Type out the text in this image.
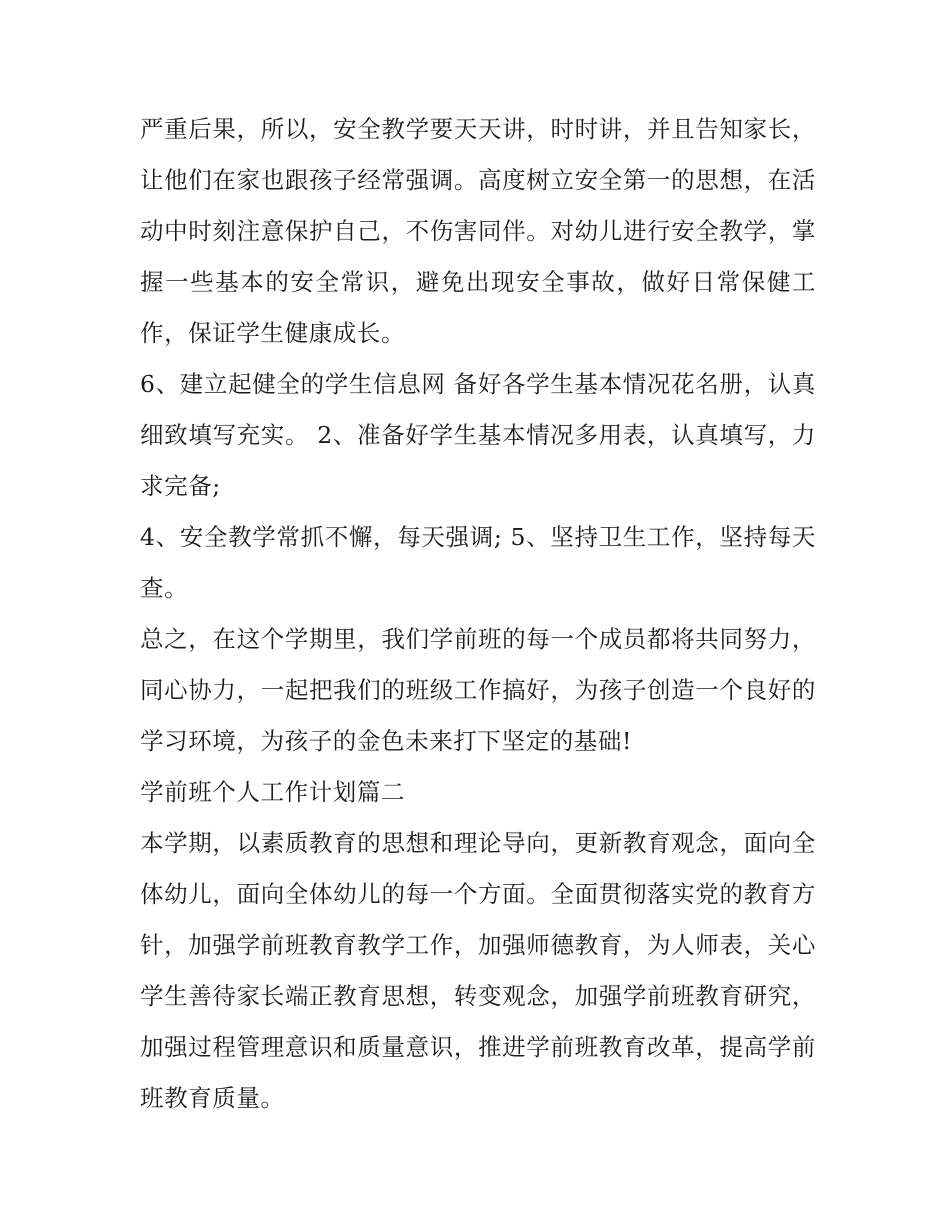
严重后果，所以，安全教学要天天讲，时时讲，并且告知家长，让他们在家也跟孩子经常强调。高度树立安全第一的思想，在活动中时刻注意保护自己，不伤害同伴。对幼儿进行安全教学，掌握一些基本的安全常识，避免出现安全事故，做好日常保健工作，保证学生健康成长。

6、建立起健全的学生信息网 备好各学生基本情况花名册，认真细致填写充实。 2、准备好学生基本情况多用表，认真填写，力求完备;

4、安全教学常抓不懈，每天强调; 5、坚持卫生工作，坚持每天查。

总之，在这个学期里，我们学前班的每一个成员都将共同努力，同心协力，一起把我们的班级工作搞好，为孩子创造一个良好的学习环境，为孩子的金色未来打下坚定的基础!

学前班个人工作计划篇二

本学期，以素质教育的思想和理论导向，更新教育观念，面向全体幼儿，面向全体幼儿的每一个方面。全面贯彻落实党的教育方针，加强学前班教育教学工作，加强师德教育，为人师表，关心学生善待家长端正教育思想，转变观念，加强学前班教育研究，加强过程管理意识和质量意识，推进学前班教育改革，提高学前班教育质量。
